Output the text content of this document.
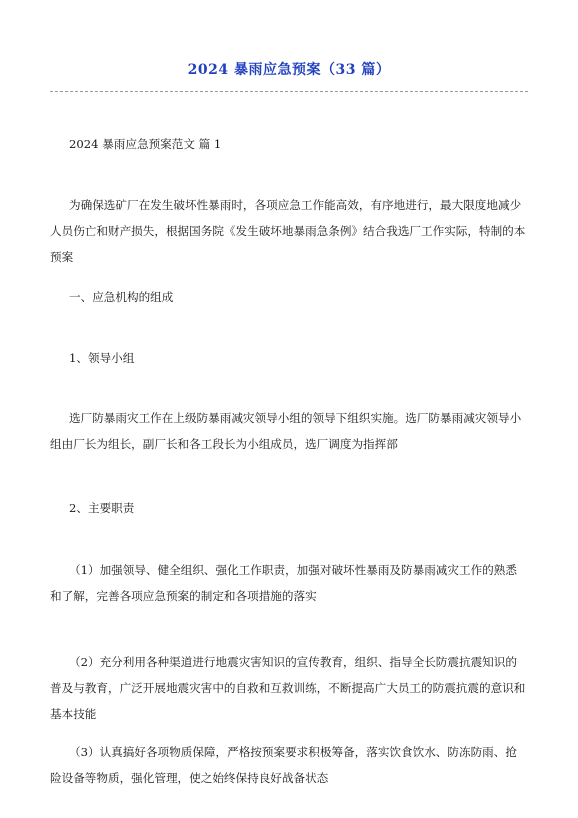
2024 暴雨应急预案（33 篇）

2024 暴雨应急预案范文 篇 1

为确保选矿厂在发生破坏性暴雨时，各项应急工作能高效，有序地进行，最大限度地减少人员伤亡和财产损失，根据国务院《发生破坏地暴雨急条例》结合我选厂工作实际，特制的本预案

一、应急机构的组成

1、领导小组

选厂防暴雨灾工作在上级防暴雨减灾领导小组的领导下组织实施。选厂防暴雨减灾领导小组由厂长为组长，副厂长和各工段长为小组成员，选厂调度为指挥部

2、主要职责

（1）加强领导、健全组织、强化工作职责，加强对破坏性暴雨及防暴雨减灾工作的熟悉和了解，完善各项应急预案的制定和各项措施的落实

（2）充分利用各种渠道进行地震灾害知识的宣传教育，组织、指导全长防震抗震知识的普及与教育，广泛开展地震灾害中的自救和互救训练，不断提高广大员工的防震抗震的意识和基本技能

（3）认真搞好各项物质保障，严格按预案要求积极筹备，落实饮食饮水、防冻防雨、抢险设备等物质，强化管理，使之始终保持良好战备状态
